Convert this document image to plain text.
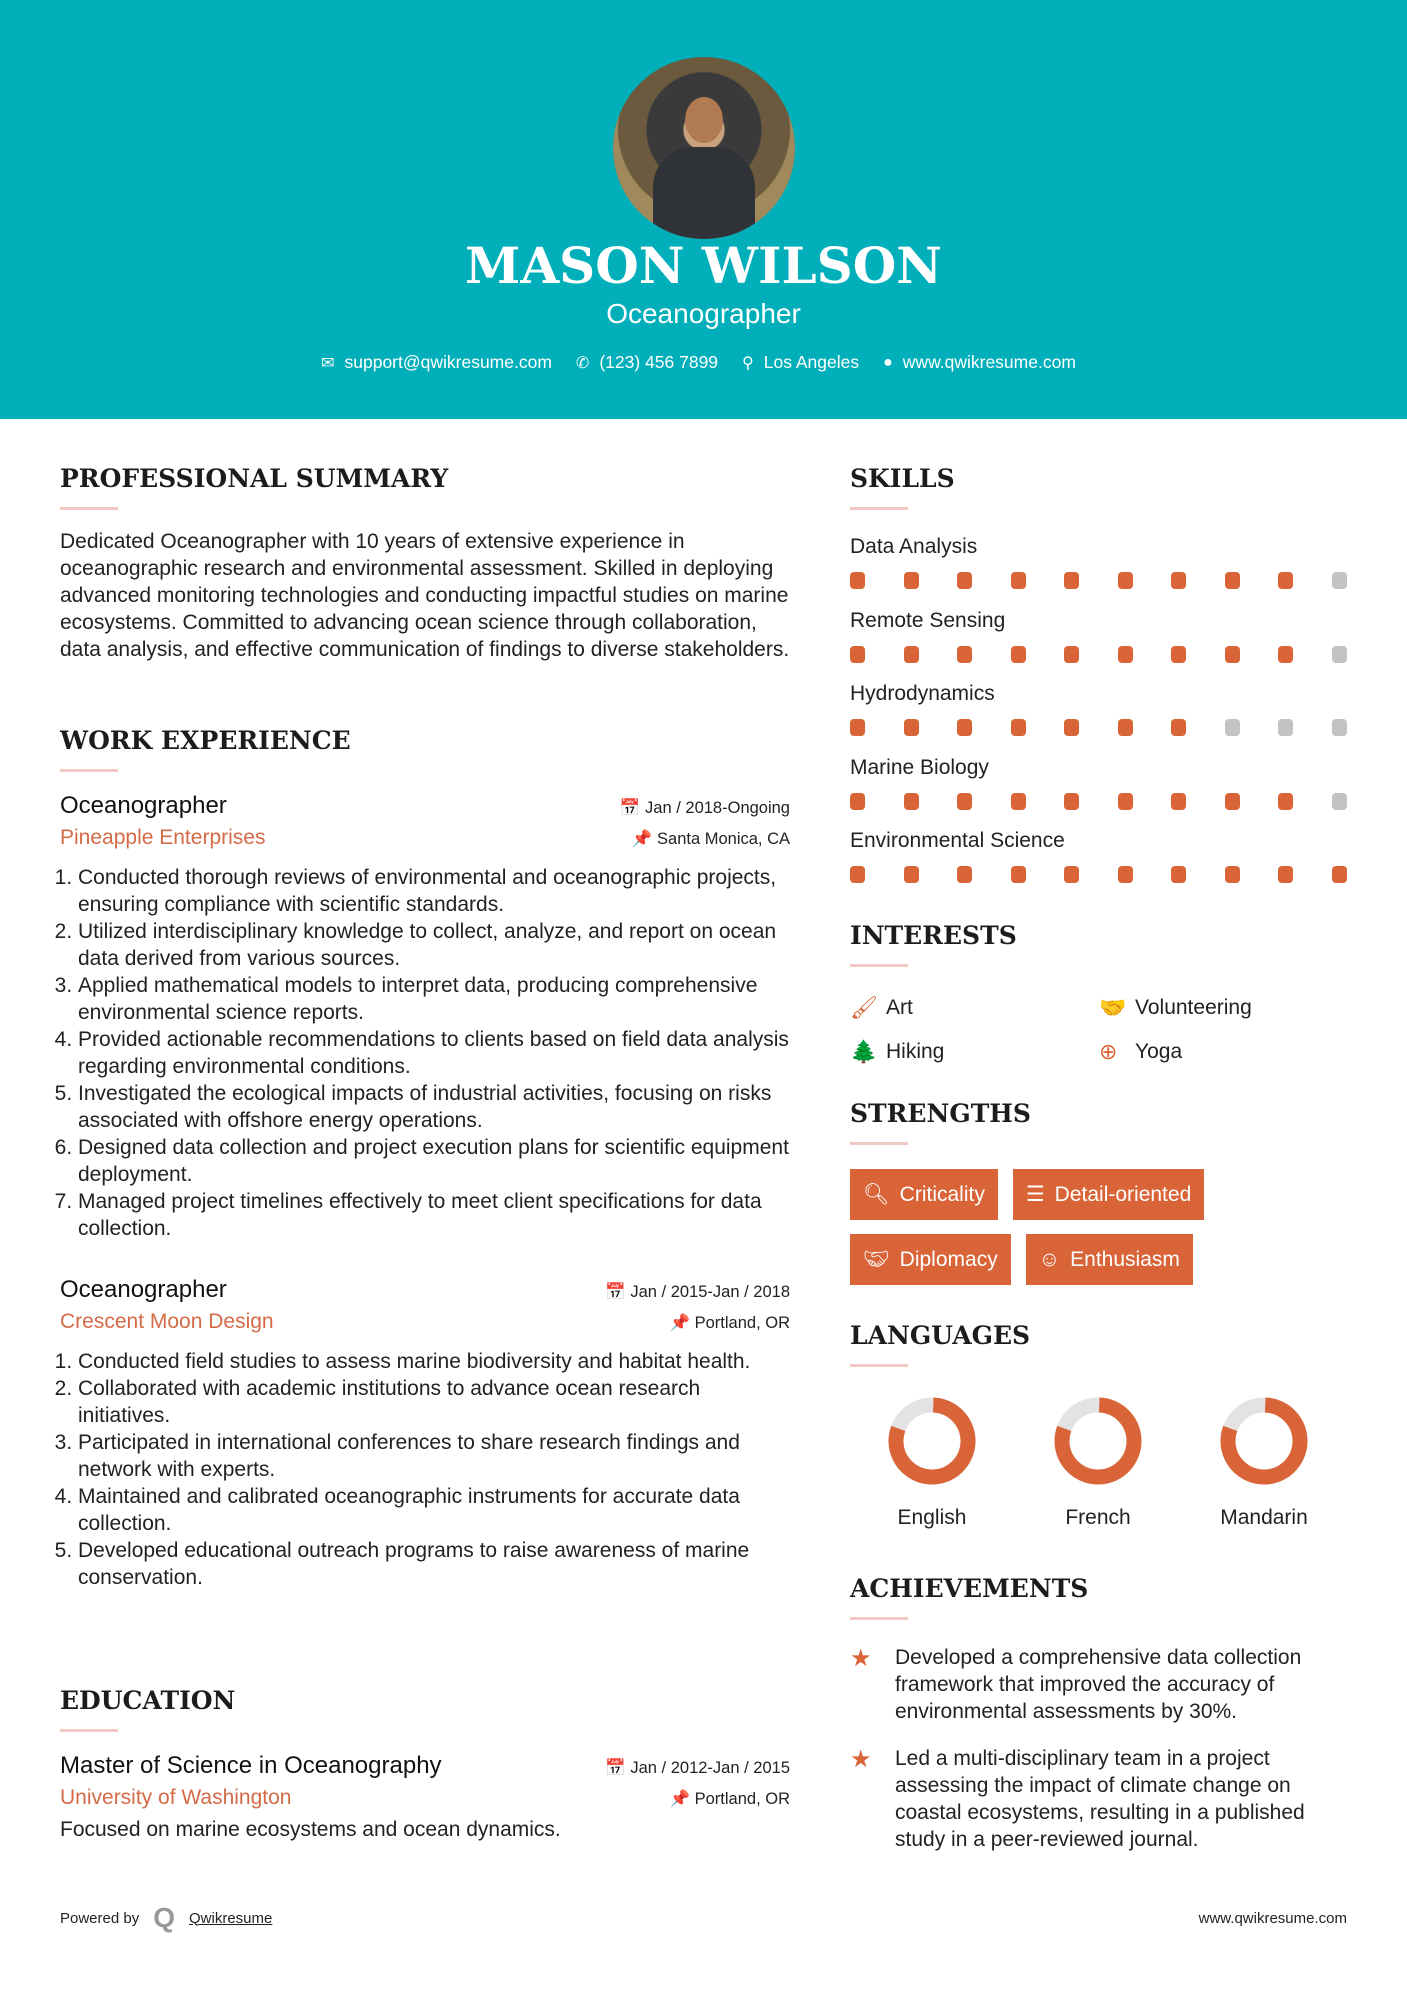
MASON WILSON
Oceanographer
✉ support@qwikresume.com ✆ (123) 456 7899 ⚲ Los Angeles ● www.qwikresume.com
PROFESSIONAL SUMMARY

Dedicated Oceanographer with 10 years of extensive experience in oceanographic research and environmental assessment. Skilled in deploying advanced monitoring technologies and conducting impactful studies on marine ecosystems. Committed to advancing ocean science through collaboration, data analysis, and effective communication of findings to diverse stakeholders.

WORK EXPERIENCE
Oceanographer	📅 Jan / 2018-Ongoing
Pineapple Enterprises	📌 Santa Monica, CA
1. Conducted thorough reviews of environmental and oceanographic projects, ensuring compliance with scientific standards.
2. Utilized interdisciplinary knowledge to collect, analyze, and report on ocean data derived from various sources.
3. Applied mathematical models to interpret data, producing comprehensive environmental science reports.
4. Provided actionable recommendations to clients based on field data analysis regarding environmental conditions.
5. Investigated the ecological impacts of industrial activities, focusing on risks associated with offshore energy operations.
6. Designed data collection and project execution plans for scientific equipment deployment.
7. Managed project timelines effectively to meet client specifications for data collection.
Oceanographer	📅 Jan / 2015-Jan / 2018
Crescent Moon Design	📌 Portland, OR
1. Conducted field studies to assess marine biodiversity and habitat health.
2. Collaborated with academic institutions to advance ocean research initiatives.
3. Participated in international conferences to share research findings and network with experts.
4. Maintained and calibrated oceanographic instruments for accurate data collection.
5. Developed educational outreach programs to raise awareness of marine conservation.
EDUCATION
Master of Science in Oceanography	📅 Jan / 2012-Jan / 2015
University of Washington	📌 Portland, OR

Focused on marine ecosystems and ocean dynamics.

SKILLS
Data Analysis
Remote Sensing
Hydrodynamics
Marine Biology
Environmental Science
INTERESTS
🖌 Art	🤝 Volunteering
🌲 Hiking	⊕ Yoga
STRENGTHS
🔍︎ Criticality ☰ Detail-oriented
🤝︎ Diplomacy ☺ Enthusiasm
LANGUAGES
English	French	Mandarin
ACHIEVEMENTS
★	Developed a comprehensive data collection framework that improved the accuracy of environmental assessments by 30%.
★	Led a multi-disciplinary team in a project assessing the impact of climate change on coastal ecosystems, resulting in a published study in a peer-reviewed journal.
Powered by Q Qwikresume	www.qwikresume.com
